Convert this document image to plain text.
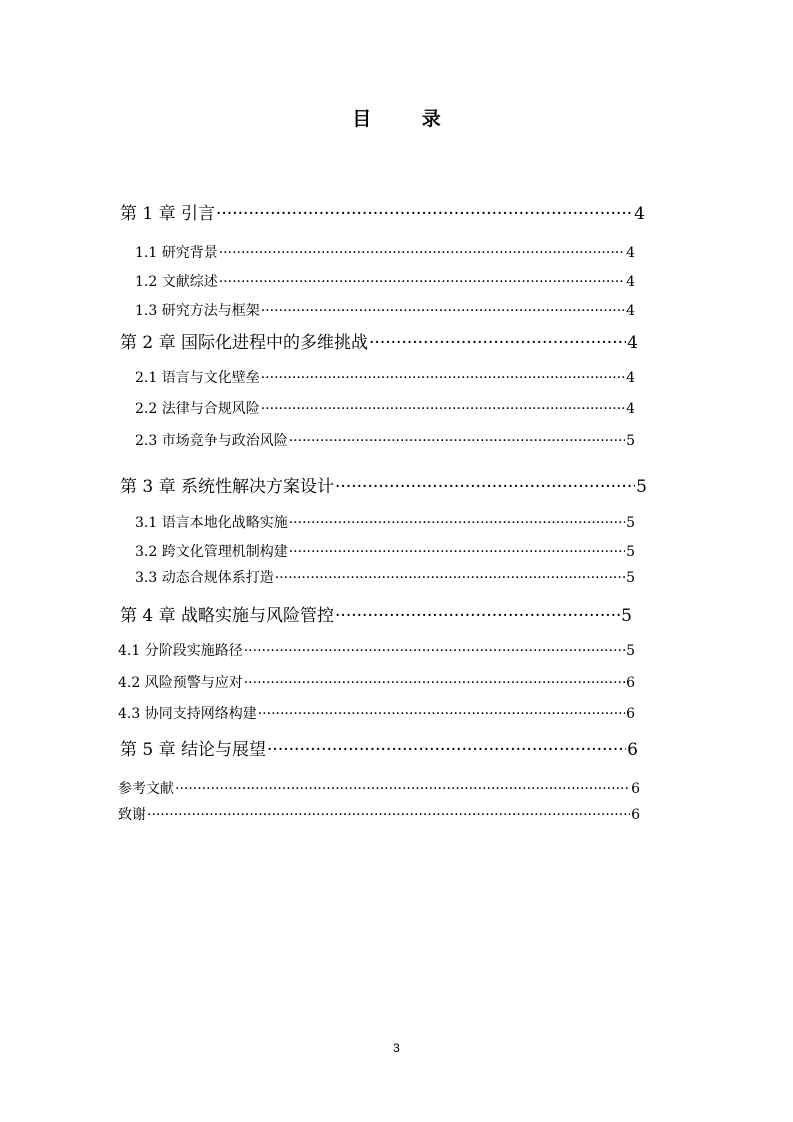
目 录
第 1 章 引言 ·····	4
1.1 研究背景 ·····	4
1.2 文献综述 ·····	4
1.3 研究方法与框架 ·····	4
第 2 章 国际化进程中的多维挑战 ·····	4
2.1 语言与文化壁垒 ·····	4
2.2 法律与合规风险 ·····	4
2.3 市场竞争与政治风险 ·····	5
第 3 章 系统性解决方案设计 ·····	5
3.1 语言本地化战略实施 ·····	5
3.2 跨文化管理机制构建 ·····	5
3.3 动态合规体系打造 ·····	5
第 4 章 战略实施与风险管控 ·····	5
4.1 分阶段实施路径 ·····	5
4.2 风险预警与应对 ·····	6
4.3 协同支持网络构建 ·····	6
第 5 章 结论与展望 ·····	6
参考文献 ·····	6
致谢 ·····	6
3
